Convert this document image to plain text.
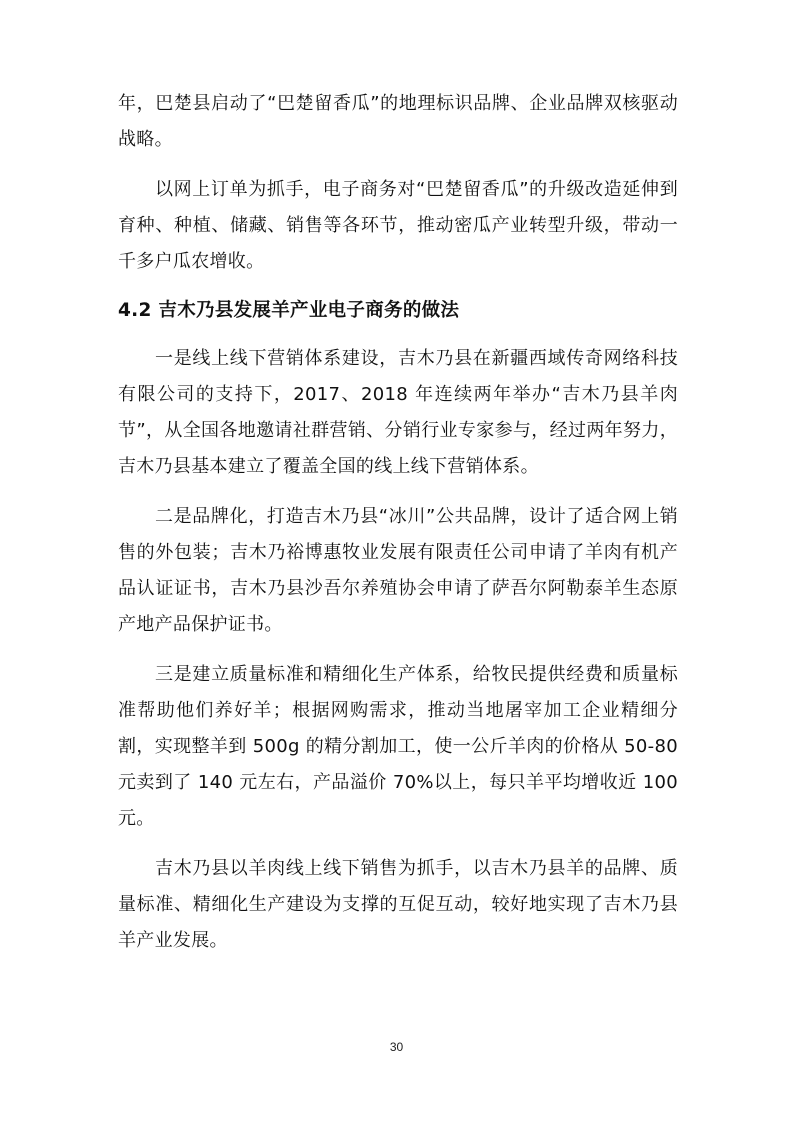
年，巴楚县启动了“巴楚留香瓜”的地理标识品牌、企业品牌双核驱动战略。

以网上订单为抓手，电子商务对“巴楚留香瓜”的升级改造延伸到育种、种植、储藏、销售等各环节，推动密瓜产业转型升级，带动一千多户瓜农增收。

4.2 吉木乃县发展羊产业电子商务的做法

一是线上线下营销体系建设，吉木乃县在新疆西域传奇网络科技有限公司的支持下，2017、2018 年连续两年举办“吉木乃县羊肉节”，从全国各地邀请社群营销、分销行业专家参与，经过两年努力，吉木乃县基本建立了覆盖全国的线上线下营销体系。

二是品牌化，打造吉木乃县“冰川”公共品牌，设计了适合网上销售的外包装；吉木乃裕博惠牧业发展有限责任公司申请了羊肉有机产品认证证书，吉木乃县沙吾尔养殖协会申请了萨吾尔阿勒泰羊生态原产地产品保护证书。

三是建立质量标准和精细化生产体系，给牧民提供经费和质量标准帮助他们养好羊；根据网购需求，推动当地屠宰加工企业精细分割，实现整羊到 500g 的精分割加工，使一公斤羊肉的价格从 50-80 元卖到了 140 元左右，产品溢价 70%以上，每只羊平均增收近 100 元。

吉木乃县以羊肉线上线下销售为抓手，以吉木乃县羊的品牌、质量标准、精细化生产建设为支撑的互促互动，较好地实现了吉木乃县羊产业发展。

30
